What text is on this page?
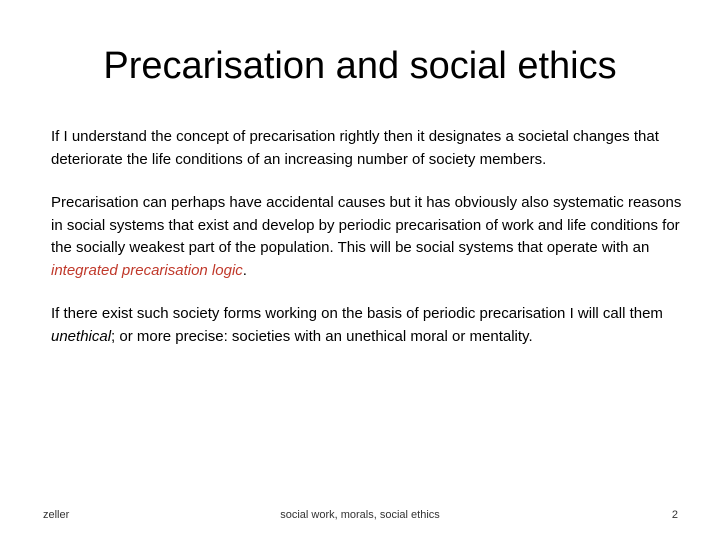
Precarisation and social ethics

If I understand the concept of precarisation rightly then it designates a societal changes that deteriorate the life conditions of an increasing number of society members.

Precarisation can perhaps have accidental causes but it has obviously also systematic reasons in social systems that exist and develop by periodic precarisation of work and life conditions for the socially weakest part of the population. This will be social systems that operate with an integrated precarisation logic.

If there exist such society forms working on the basis of periodic precarisation I will call them unethical; or more precise: societies with an unethical moral or mentality.

zeller	social work, morals, social ethics	2
